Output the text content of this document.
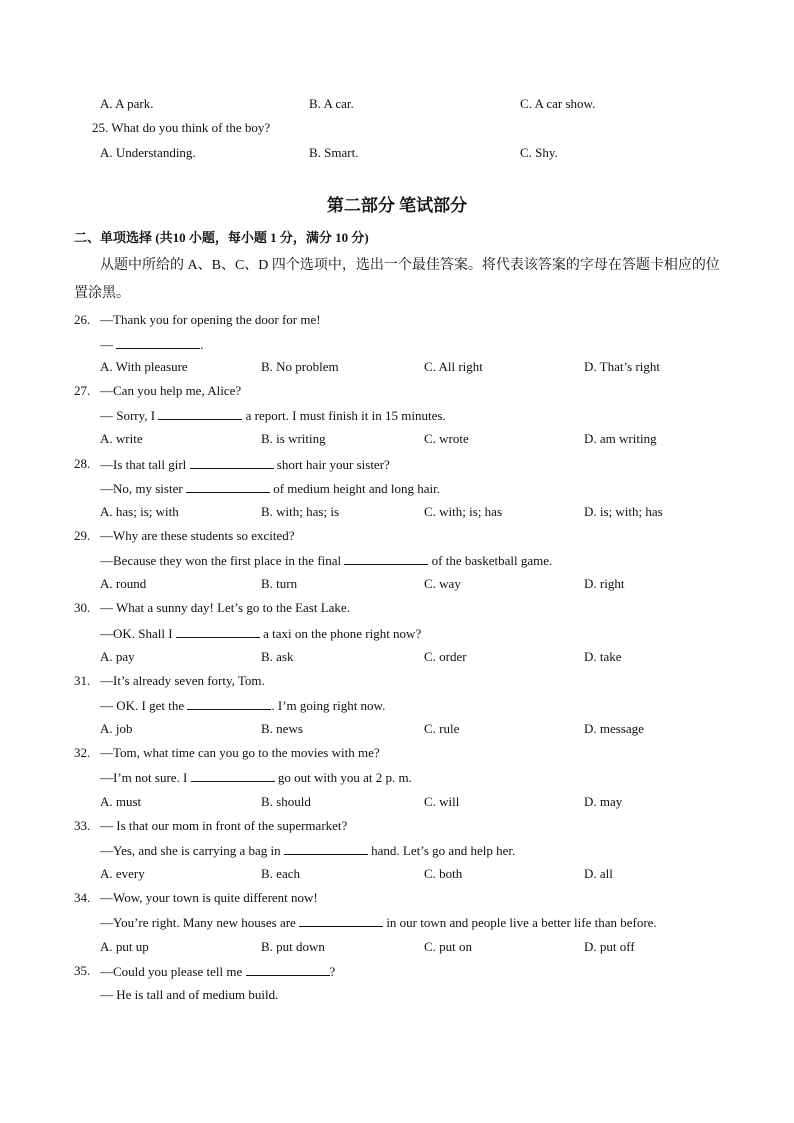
A. A park.	B. A car.	C. A car show.
25. What do you think of the boy?
A. Understanding.	B. Smart.	C. Shy.
第二部分 笔试部分
二、单项选择 (共10 小题，每小题 1 分，满分 10 分)
从题中所给的 A、B、C、D 四个选项中，选出一个最佳答案。将代表该答案的字母在答题卡相应的位
置涂黑。
26. —Thank you for opening the door for me!
—	.
A. With pleasure	B. No problem	C. All right	D. That’s right
27. —Can you help me, Alice?
— Sorry, I	a report. I must finish it in 15 minutes.
A. write	B. is writing	C. wrote	D. am writing
28. —Is that tall girl	short hair your sister?
—No, my sister	of medium height and long hair.
A. has; is; with	B. with; has; is	C. with; is; has	D. is; with; has
29. —Why are these students so excited?
—Because they won the first place in the final	of the basketball game.
A. round	B. turn	C. way	D. right
30. — What a sunny day! Let’s go to the East Lake.
—OK. Shall I	a taxi on the phone right now?
A. pay	B. ask	C. order	D. take
31. —It’s already seven forty, Tom.
— OK. I get the	. I’m going right now.
A. job	B. news	C. rule	D. message
32. —Tom, what time can you go to the movies with me?
—I’m not sure. I	go out with you at 2 p. m.
A. must	B. should	C. will	D. may
33. — Is that our mom in front of the supermarket?
—Yes, and she is carrying a bag in	hand. Let’s go and help her.
A. every	B. each	C. both	D. all
34. —Wow, your town is quite different now!
—You’re right. Many new houses are	in our town and people live a better life than before.
A. put up	B. put down	C. put on	D. put off
35. —Could you please tell me	?
— He is tall and of medium build.
